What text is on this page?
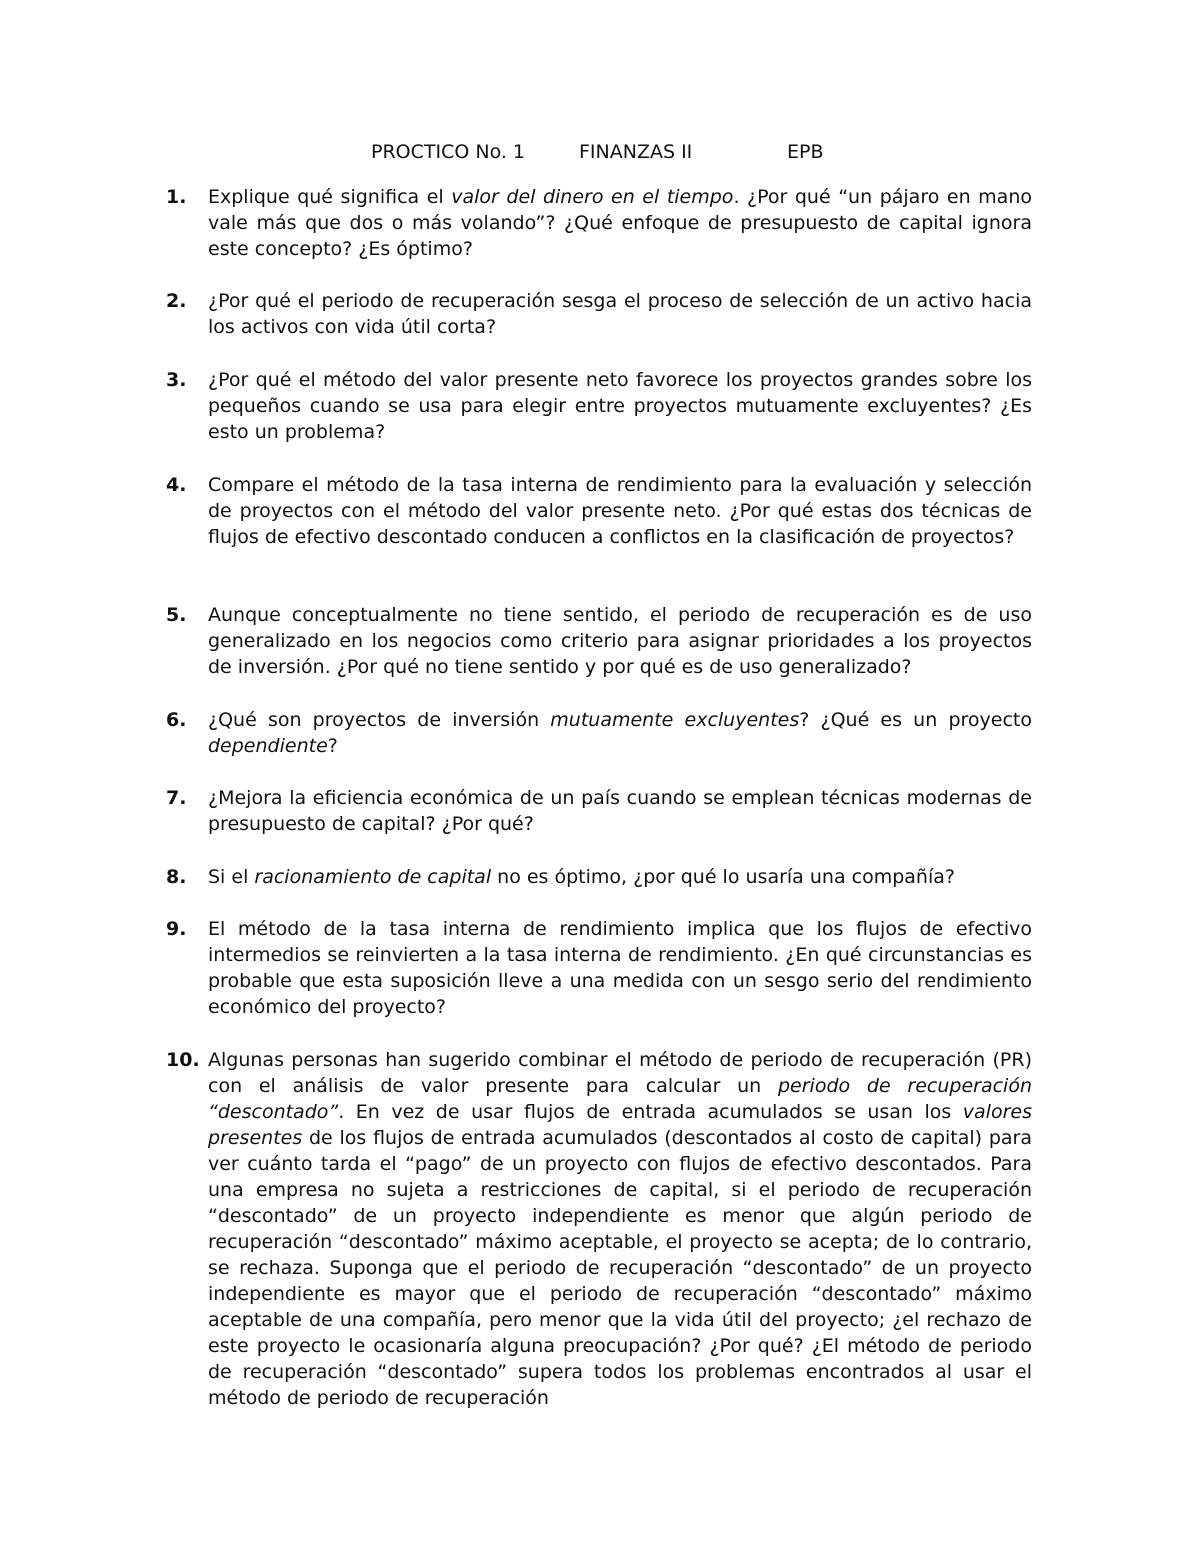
PROCTICO No. 1	FINANZAS II	EPB
1. Explique qué significa el valor del dinero en el tiempo. ¿Por qué “un pájaro en mano vale más que dos o más volando”? ¿Qué enfoque de presupuesto de capital ignora este concepto? ¿Es óptimo?
2. ¿Por qué el periodo de recuperación sesga el proceso de selección de un activo hacia los activos con vida útil corta?
3. ¿Por qué el método del valor presente neto favorece los proyectos grandes sobre los pequeños cuando se usa para elegir entre proyectos mutuamente excluyentes? ¿Es esto un problema?
4. Compare el método de la tasa interna de rendimiento para la evaluación y selección de proyectos con el método del valor presente neto. ¿Por qué estas dos técnicas de flujos de efectivo descontado conducen a conflictos en la clasificación de proyectos?
5. Aunque conceptualmente no tiene sentido, el periodo de recuperación es de uso generalizado en los negocios como criterio para asignar prioridades a los proyectos de inversión. ¿Por qué no tiene sentido y por qué es de uso generalizado?
6. ¿Qué son proyectos de inversión mutuamente excluyentes? ¿Qué es un proyecto dependiente?
7. ¿Mejora la eficiencia económica de un país cuando se emplean técnicas modernas de presupuesto de capital? ¿Por qué?
8. Si el racionamiento de capital no es óptimo, ¿por qué lo usaría una compañía?
9. El método de la tasa interna de rendimiento implica que los flujos de efectivo intermedios se reinvierten a la tasa interna de rendimiento. ¿En qué circunstancias es probable que esta suposición lleve a una medida con un sesgo serio del rendimiento económico del proyecto?
10. Algunas personas han sugerido combinar el método de periodo de recuperación (PR) con el análisis de valor presente para calcular un periodo de recuperación “descontado”. En vez de usar flujos de entrada acumulados se usan los valores presentes de los flujos de entrada acumulados (descontados al costo de capital) para ver cuánto tarda el “pago” de un proyecto con flujos de efectivo descontados. Para una empresa no sujeta a restricciones de capital, si el periodo de recuperación “descontado” de un proyecto independiente es menor que algún periodo de recuperación “descontado” máximo aceptable, el proyecto se acepta; de lo contrario, se rechaza. Suponga que el periodo de recuperación “descontado” de un proyecto independiente es mayor que el periodo de recuperación “descontado” máximo aceptable de una compañía, pero menor que la vida útil del proyecto; ¿el rechazo de este proyecto le ocasionaría alguna preocupación? ¿Por qué? ¿El método de periodo de recuperación “descontado” supera todos los problemas encontrados al usar el método de periodo de recuperación
